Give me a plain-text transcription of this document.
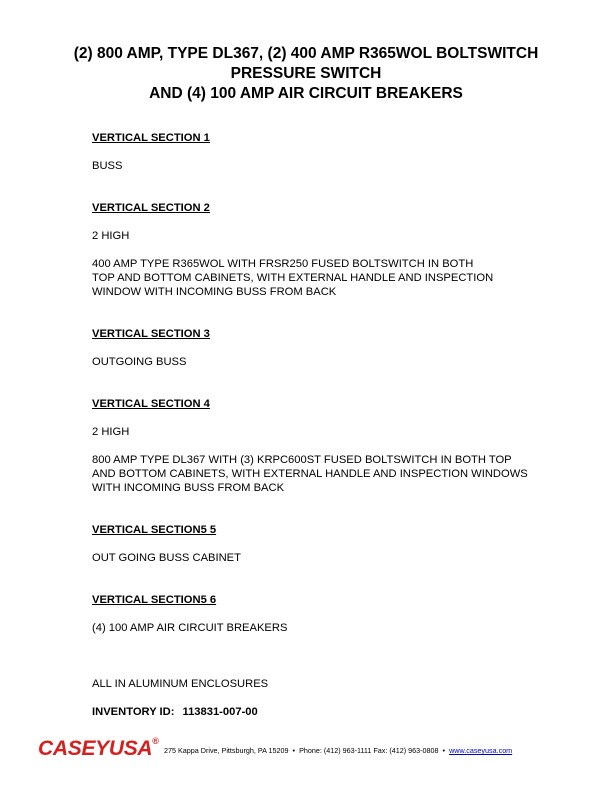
(2) 800 AMP, TYPE DL367, (2) 400 AMP R365WOL BOLTSWITCH
PRESSURE SWITCH
AND (4) 100 AMP AIR CIRCUIT BREAKERS
VERTICAL SECTION 1
BUSS
VERTICAL SECTION 2
2 HIGH
400 AMP TYPE R365WOL WITH FRSR250 FUSED BOLTSWITCH IN BOTH
TOP AND BOTTOM CABINETS, WITH EXTERNAL HANDLE AND INSPECTION
WINDOW WITH INCOMING BUSS FROM BACK
VERTICAL SECTION 3
OUTGOING BUSS
VERTICAL SECTION 4
2 HIGH
800 AMP TYPE DL367 WITH (3) KRPC600ST FUSED BOLTSWITCH IN BOTH TOP
AND BOTTOM CABINETS, WITH EXTERNAL HANDLE AND INSPECTION WINDOWS
WITH INCOMING BUSS FROM BACK
VERTICAL SECTION5 5
OUT GOING BUSS CABINET
VERTICAL SECTION5 6
(4) 100 AMP AIR CIRCUIT BREAKERS

ALL IN ALUMINUM ENCLOSURES
INVENTORY ID: 113831-007-00
CASEYUSA®
275 Kappa Drive, Pittsburgh, PA 15209 • Phone: (412) 963-1111 Fax: (412) 963-0808 • www.caseyusa.com
